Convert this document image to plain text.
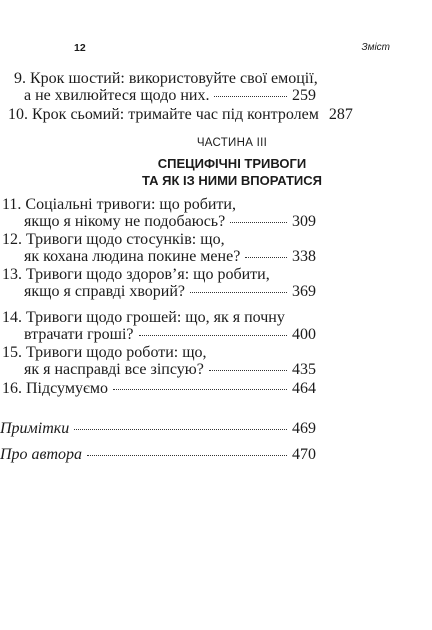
12	Зміст
9. Крок шостий: використовуйте свої емоції,
а не хвилюйтеся щодо них.	259
10. Крок сьомий: тримайте час під контролем 287
ЧАСТИНА III
СПЕЦИФІЧНІ ТРИВОГИ
ТА ЯК ІЗ НИМИ ВПОРАТИСЯ
11. Соціальні тривоги: що робити,
якщо я нікому не подобаюсь?	309
12. Тривоги щодо стосунків: що,
як кохана людина покине мене?	338
13. Тривоги щодо здоров’я: що робити,
якщо я справді хворий?	369
14. Тривоги щодо грошей: що, як я почну
втрачати гроші?	400
15. Тривоги щодо роботи: що,
як я насправді все зіпсую?	435
16. Підсумуємо	464
Примітки	469
Про автора	470
